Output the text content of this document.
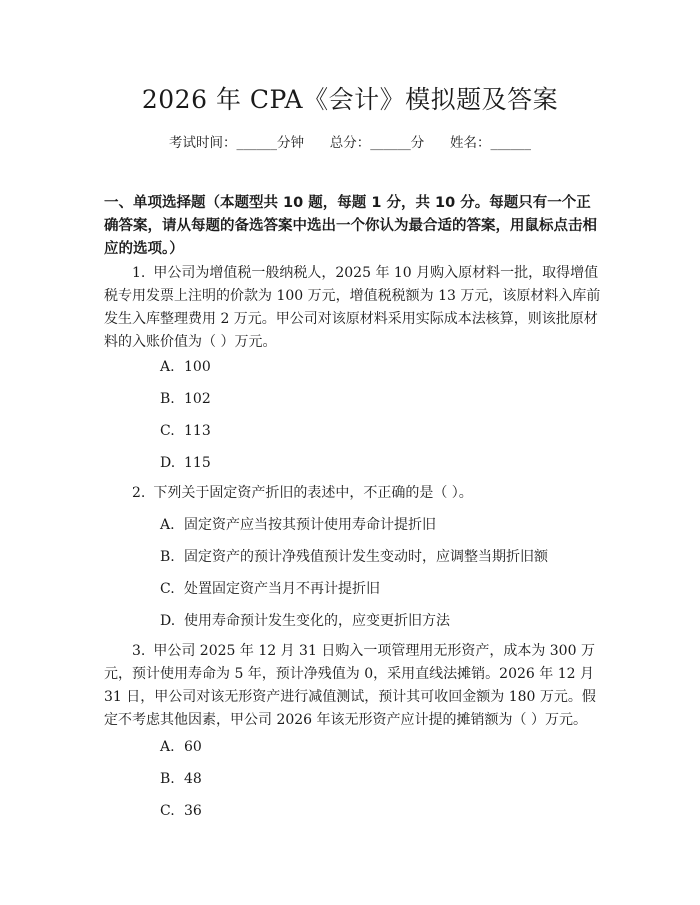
2026 年 CPA《会计》模拟题及答案
考试时间：______分钟 总分：______分 姓名：______
一、单项选择题（本题型共 10 题，每题 1 分，共 10 分。每题只有一个正确答案，请从每题的备选答案中选出一个你认为最合适的答案，用鼠标点击相应的选项。）
1. 甲公司为增值税一般纳税人，2025 年 10 月购入原材料一批，取得增值税专用发票上注明的价款为 100 万元，增值税税额为 13 万元，该原材料入库前发生入库整理费用 2 万元。甲公司对该原材料采用实际成本法核算，则该批原材料的入账价值为（ ）万元。
A. 100
B. 102
C. 113
D. 115
2. 下列关于固定资产折旧的表述中，不正确的是（ ）。
A. 固定资产应当按其预计使用寿命计提折旧
B. 固定资产的预计净残值预计发生变动时，应调整当期折旧额
C. 处置固定资产当月不再计提折旧
D. 使用寿命预计发生变化的，应变更折旧方法
3. 甲公司 2025 年 12 月 31 日购入一项管理用无形资产，成本为 300 万元，预计使用寿命为 5 年，预计净残值为 0，采用直线法摊销。2026 年 12 月 31 日，甲公司对该无形资产进行减值测试，预计其可收回金额为 180 万元。假定不考虑其他因素，甲公司 2026 年该无形资产应计提的摊销额为（ ）万元。
A. 60
B. 48
C. 36
